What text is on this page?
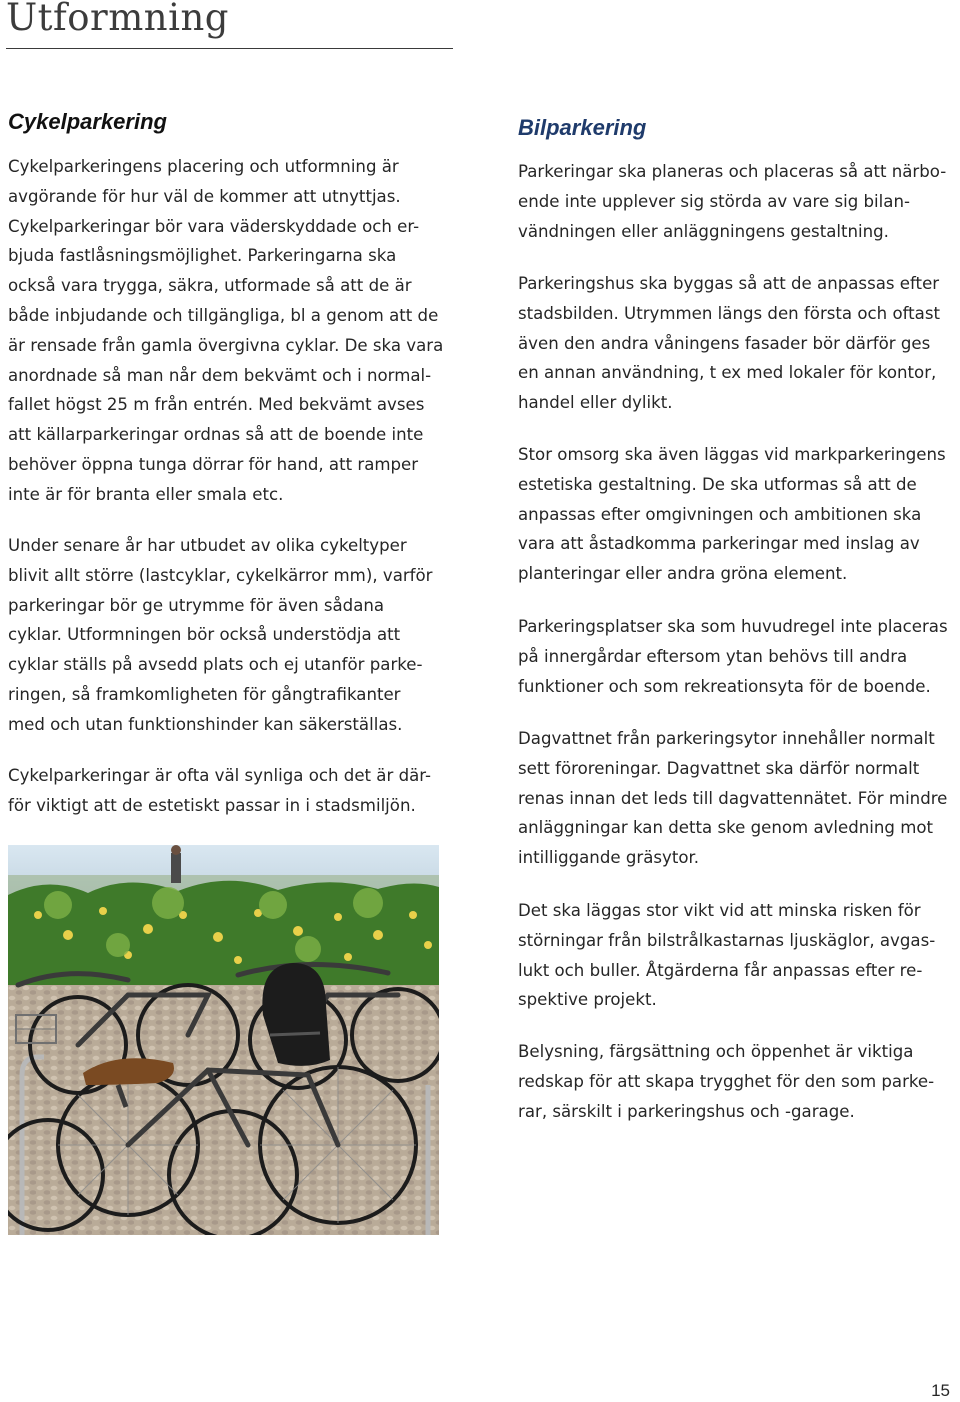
Utformning
Cykelparkering

Cykelparkeringens placering och utformning är
avgörande för hur väl de kommer att utnyttjas.
Cykelparkeringar bör vara väderskyddade och er-
bjuda fastlåsningsmöjlighet. Parkeringarna ska
också vara trygga, säkra, utformade så att de är
både inbjudande och tillgängliga, bl a genom att de
är rensade från gamla övergivna cyklar. De ska vara
anordnade så man når dem bekvämt och i normal-
fallet högst 25 m från entrén. Med bekvämt avses
att källarparkeringar ordnas så att de boende inte
behöver öppna tunga dörrar för hand, att ramper
inte är för branta eller smala etc.

Under senare år har utbudet av olika cykeltyper
blivit allt större (lastcyklar, cykelkärror mm), varför
parkeringar bör ge utrymme för även sådana
cyklar. Utformningen bör också understödja att
cyklar ställs på avsedd plats och ej utanför parke-
ringen, så framkomligheten för gångtrafikanter
med och utan funktionshinder kan säkerställas.

Cykelparkeringar är ofta väl synliga och det är där-
för viktigt att de estetiskt passar in i stadsmiljön.

Bilparkering

Parkeringar ska planeras och placeras så att närbo-
ende inte upplever sig störda av vare sig bilan-
vändningen eller anläggningens gestaltning.

Parkeringshus ska byggas så att de anpassas efter
stadsbilden. Utrymmen längs den första och oftast
även den andra våningens fasader bör därför ges
en annan användning, t ex med lokaler för kontor,
handel eller dylikt.

Stor omsorg ska även läggas vid markparkeringens
estetiska gestaltning. De ska utformas så att de
anpassas efter omgivningen och ambitionen ska
vara att åstadkomma parkeringar med inslag av
planteringar eller andra gröna element.

Parkeringsplatser ska som huvudregel inte placeras
på innergårdar eftersom ytan behövs till andra
funktioner och som rekreationsyta för de boende.

Dagvattnet från parkeringsytor innehåller normalt
sett föroreningar. Dagvattnet ska därför normalt
renas innan det leds till dagvattennätet. För mindre
anläggningar kan detta ske genom avledning mot
intilliggande gräsytor.

Det ska läggas stor vikt vid att minska risken för
störningar från bilstrålkastarnas ljuskäglor, avgas-
lukt och buller. Åtgärderna får anpassas efter re-
spektive projekt.

Belysning, färgsättning och öppenhet är viktiga
redskap för att skapa trygghet för den som parke-
rar, särskilt i parkeringshus och -garage.

15
